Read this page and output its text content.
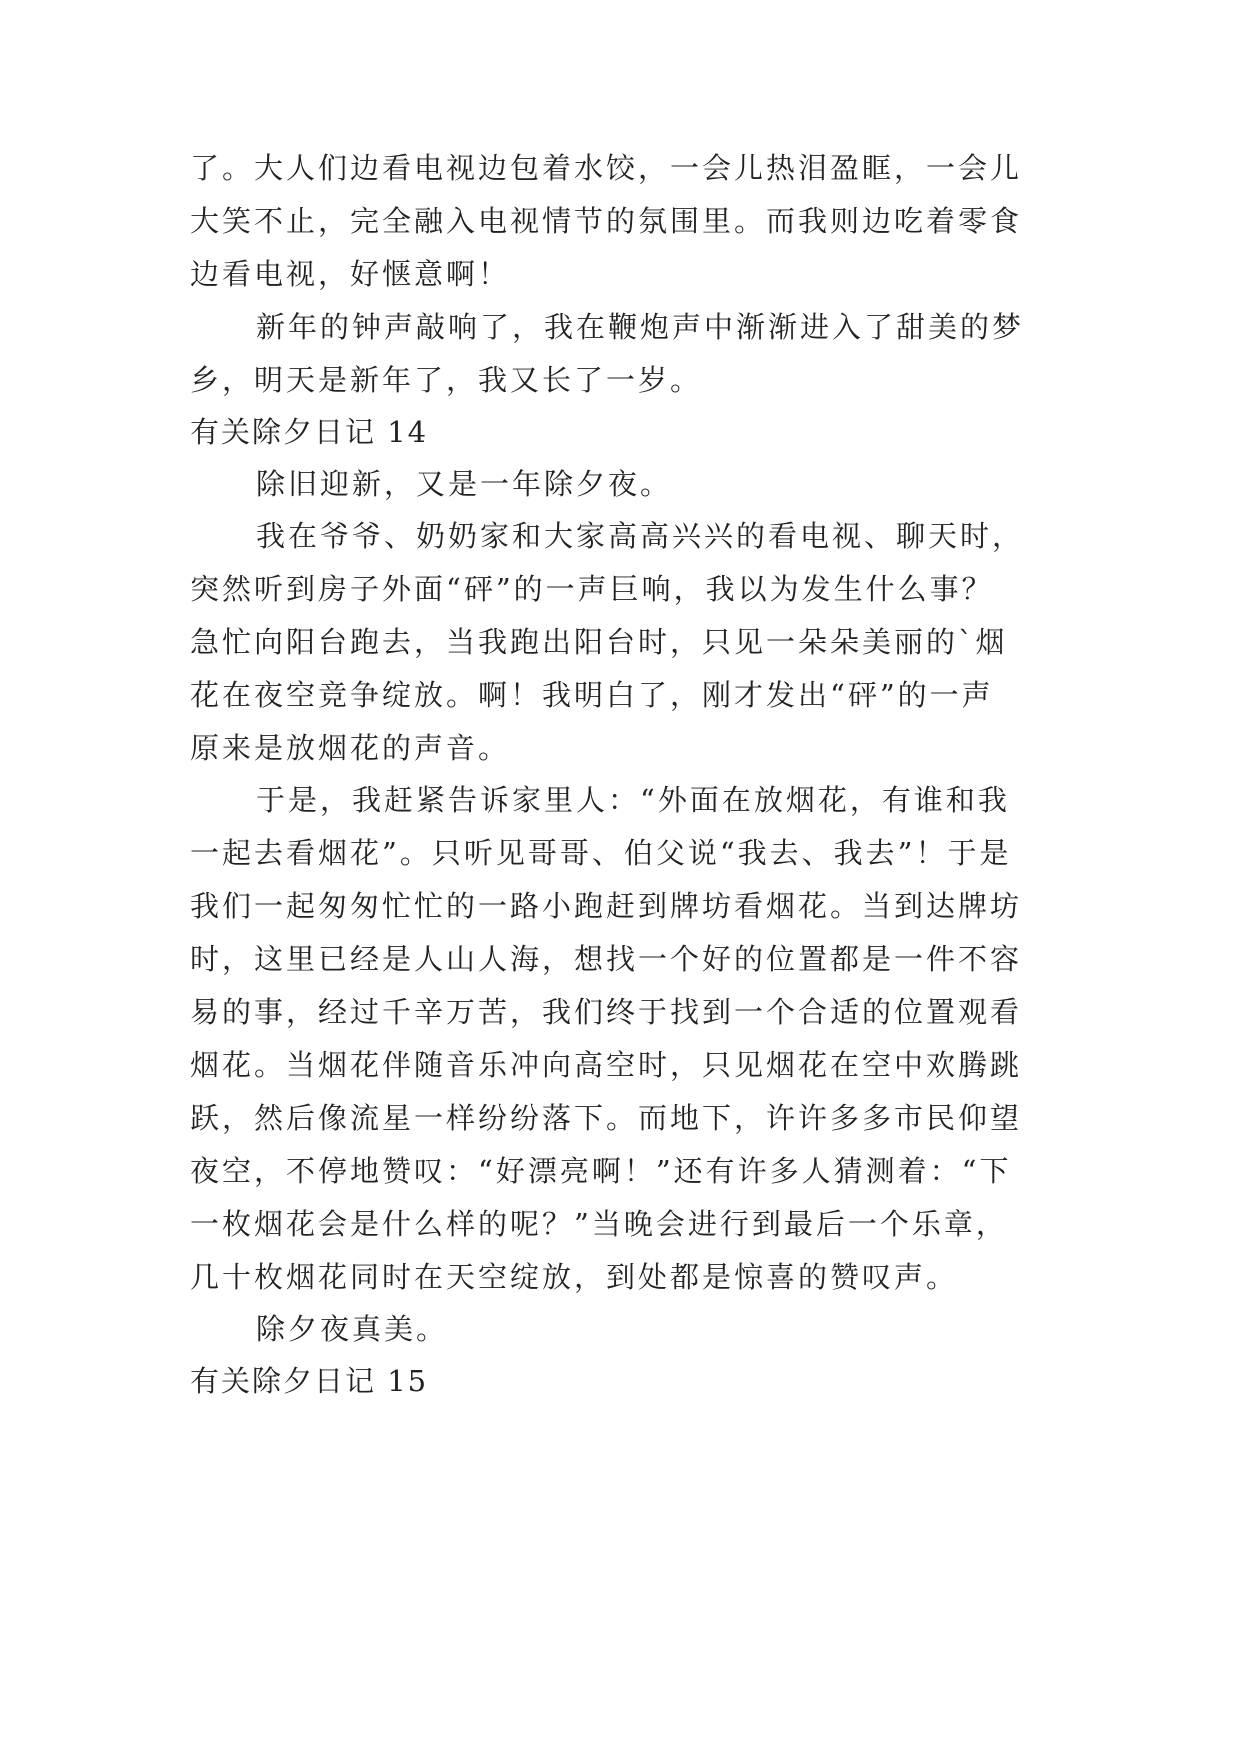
了。大人们边看电视边包着水饺，一会儿热泪盈眶，一会儿
大笑不止，完全融入电视情节的氛围里。而我则边吃着零食
边看电视，好惬意啊！
新年的钟声敲响了，我在鞭炮声中渐渐进入了甜美的梦
乡，明天是新年了，我又长了一岁。
有关除夕日记 14
除旧迎新，又是一年除夕夜。
我在爷爷、奶奶家和大家高高兴兴的看电视、聊天时，
突然听到房子外面“砰”的一声巨响，我以为发生什么事？
急忙向阳台跑去，当我跑出阳台时，只见一朵朵美丽的`烟
花在夜空竞争绽放。啊！我明白了，刚才发出“砰”的一声
原来是放烟花的声音。
于是，我赶紧告诉家里人：“外面在放烟花，有谁和我
一起去看烟花”。只听见哥哥、伯父说“我去、我去”！于是
我们一起匆匆忙忙的一路小跑赶到牌坊看烟花。当到达牌坊
时，这里已经是人山人海，想找一个好的位置都是一件不容
易的事，经过千辛万苦，我们终于找到一个合适的位置观看
烟花。当烟花伴随音乐冲向高空时，只见烟花在空中欢腾跳
跃，然后像流星一样纷纷落下。而地下，许许多多市民仰望
夜空，不停地赞叹：“好漂亮啊！”还有许多人猜测着：“下
一枚烟花会是什么样的呢？”当晚会进行到最后一个乐章，
几十枚烟花同时在天空绽放，到处都是惊喜的赞叹声。
除夕夜真美。
有关除夕日记 15
